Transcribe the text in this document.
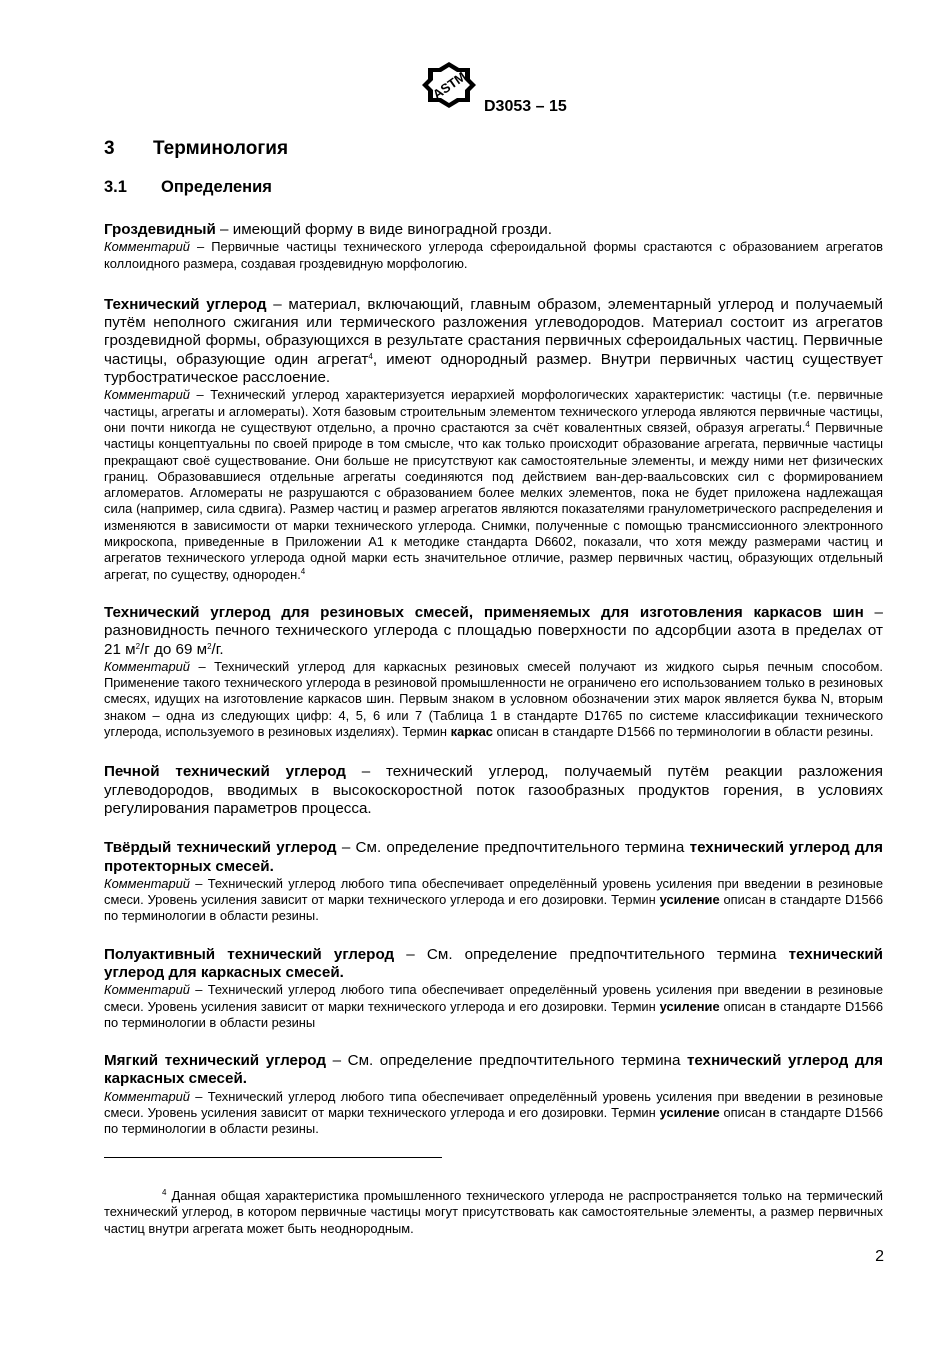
ASTM
D3053 – 15
3 Терминология
3.1 Определения

Гроздевидный – имеющий форму в виде виноградной грозди.

Комментарий – Первичные частицы технического углерода сфероидальной формы срастаются с образованием агрегатов коллоидного размера, создавая гроздевидную морфологию.

Технический углерод – материал, включающий, главным образом, элементарный углерод и получаемый путём неполного сжигания или термического разложения углеводородов. Материал состоит из агрегатов гроздевидной формы, образующихся в результате срастания первичных сфероидальных частиц. Первичные частицы, образующие один агрегат$^4$, имеют однородный размер. Внутри первичных частиц существует турбостратическое расслоение.

Комментарий – Технический углерод характеризуется иерархией морфологических характеристик: частицы (т.е. первичные частицы, агрегаты и агломераты). Хотя базовым строительным элементом технического углерода являются первичные частицы, они почти никогда не существуют отдельно, а прочно срастаются за счёт ковалентных связей, образуя агрегаты.$^4$ Первичные частицы концептуальны по своей природе в том смысле, что как только происходит образование агрегата, первичные частицы прекращают своё существование. Они больше не присутствуют как самостоятельные элементы, и между ними нет физических границ. Образовавшиеся отдельные агрегаты соединяются под действием ван-дер-ваальсовских сил с формированием агломератов. Агломераты не разрушаются с образованием более мелких элементов, пока не будет приложена надлежащая сила (например, сила сдвига). Размер частиц и размер агрегатов являются показателями гранулометрического распределения и изменяются в зависимости от марки технического углерода. Снимки, полученные с помощью трансмиссионного электронного микроскопа, приведенные в Приложении А1 к методике стандарта D6602, показали, что хотя между размерами частиц и агрегатов технического углерода одной марки есть значительное отличие, размер первичных частиц, образующих отдельный агрегат, по существу, однороден.$^4$

Технический углерод для резиновых смесей, применяемых для изготовления каркасов шин – разновидность печного технического углерода с площадью поверхности по адсорбции азота в пределах от 21 $м^2/г$ до 69 $м^2/г$.

Комментарий – Технический углерод для каркасных резиновых смесей получают из жидкого сырья печным способом. Применение такого технического углерода в резиновой промышленности не ограничено его использованием только в резиновых смесях, идущих на изготовление каркасов шин. Первым знаком в условном обозначении этих марок является буква N, вторым знаком – одна из следующих цифр: 4, 5, 6 или 7 (Таблица 1 в стандарте D1765 по системе классификации технического углерода, используемого в резиновых изделиях). Термин каркас описан в стандарте D1566 по терминологии в области резины.

Печной технический углерод – технический углерод, получаемый путём реакции разложения углеводородов, вводимых в высокоскоростной поток газообразных продуктов горения, в условиях регулирования параметров процесса.

Твёрдый технический углерод – См. определение предпочтительного термина технический углерод для протекторных смесей.

Комментарий – Технический углерод любого типа обеспечивает определённый уровень усиления при введении в резиновые смеси. Уровень усиления зависит от марки технического углерода и его дозировки. Термин усиление описан в стандарте D1566 по терминологии в области резины.

Полуактивный технический углерод – См. определение предпочтительного термина технический углерод для каркасных смесей.

Комментарий – Технический углерод любого типа обеспечивает определённый уровень усиления при введении в резиновые смеси. Уровень усиления зависит от марки технического углерода и его дозировки. Термин усиление описан в стандарте D1566 по терминологии в области резины

Мягкий технический углерод – См. определение предпочтительного термина технический углерод для каркасных смесей.

Комментарий – Технический углерод любого типа обеспечивает определённый уровень усиления при введении в резиновые смеси. Уровень усиления зависит от марки технического углерода и его дозировки. Термин усиление описан в стандарте D1566 по терминологии в области резины.

$^4$ Данная общая характеристика промышленного технического углерода не распространяется только на термический технический углерод, в котором первичные частицы могут присутствовать как самостоятельные элементы, а размер первичных частиц внутри агрегата может быть неоднородным.
2
